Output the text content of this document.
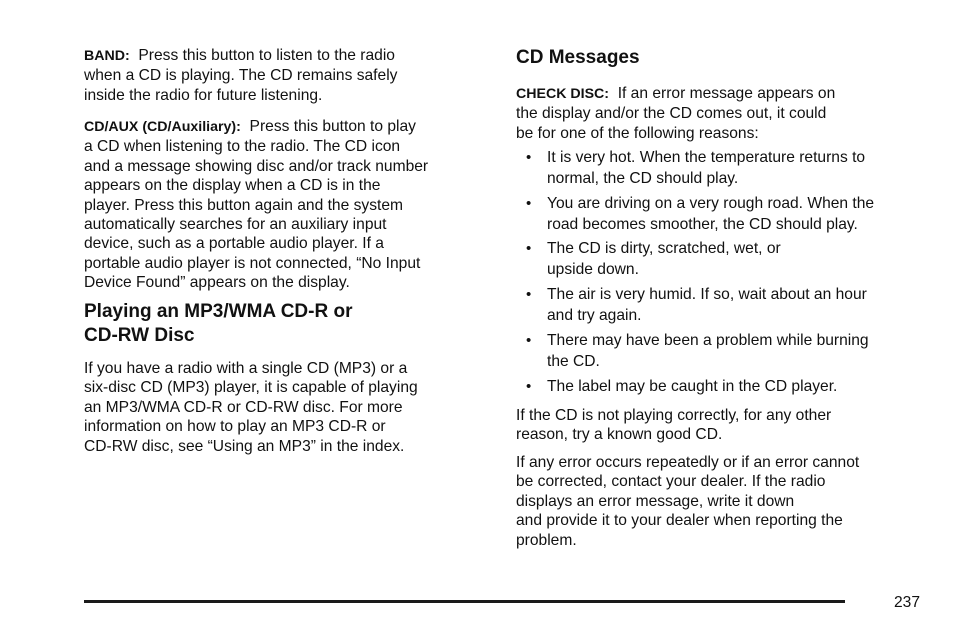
BAND: Press this button to listen to the radio
when a CD is playing. The CD remains safely
inside the radio for future listening.

CD/AUX (CD/Auxiliary): Press this button to play
a CD when listening to the radio. The CD icon
and a message showing disc and/or track number
appears on the display when a CD is in the
player. Press this button again and the system
automatically searches for an auxiliary input
device, such as a portable audio player. If a
portable audio player is not connected, “No Input
Device Found” appears on the display.

Playing an MP3/WMA CD-R or
CD-RW Disc

If you have a radio with a single CD (MP3) or a
six-disc CD (MP3) player, it is capable of playing
an MP3/WMA CD-R or CD-RW disc. For more
information on how to play an MP3 CD-R or
CD-RW disc, see “Using an MP3” in the index.

CD Messages

CHECK DISC: If an error message appears on
the display and/or the CD comes out, it could
be for one of the following reasons:

• It is very hot. When the temperature returns to
normal, the CD should play.
• You are driving on a very rough road. When the
road becomes smoother, the CD should play.
• The CD is dirty, scratched, wet, or
upside down.
• The air is very humid. If so, wait about an hour
and try again.
• There may have been a problem while burning
the CD.
• The label may be caught in the CD player.

If the CD is not playing correctly, for any other
reason, try a known good CD.

If any error occurs repeatedly or if an error cannot
be corrected, contact your dealer. If the radio
displays an error message, write it down
and provide it to your dealer when reporting the
problem.

237
